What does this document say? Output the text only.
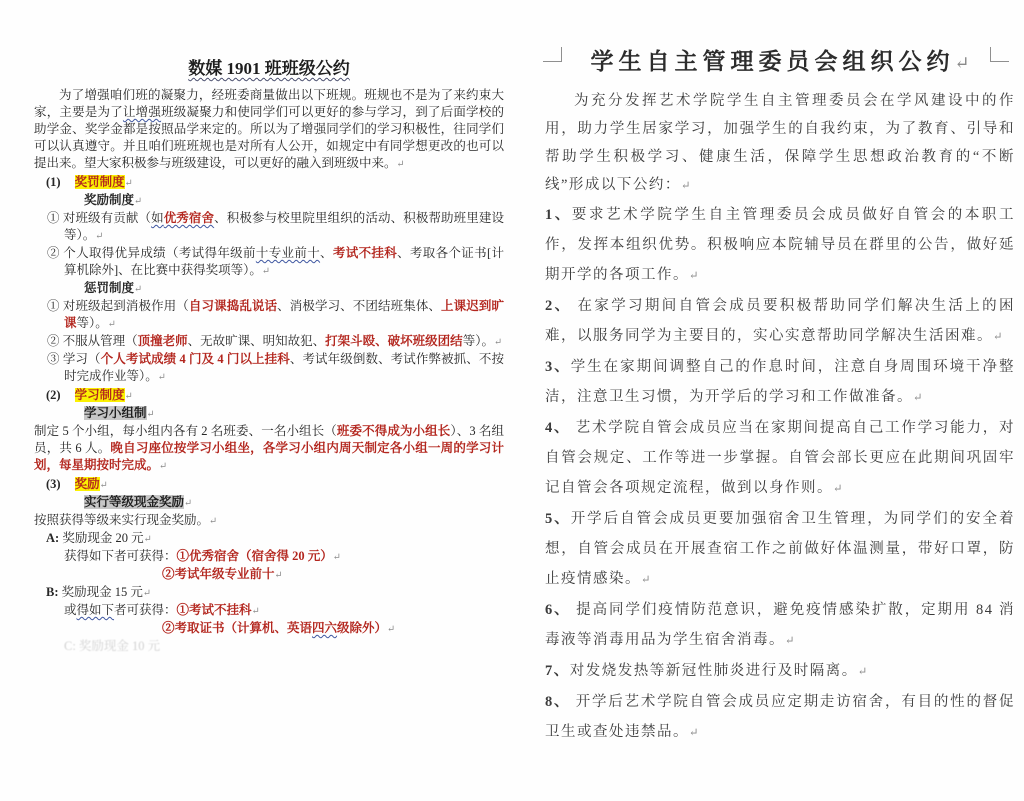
数媒 1901 班班级公约
为了增强咱们班的凝聚力，经班委商量做出以下班规。班规也不是为了来约束大家，主要是为了让增强班级凝聚力和使同学们可以更好的参与学习，到了后面学校的助学金、奖学金都是按照品学来定的。所以为了增强同学们的学习积极性，往同学们可以认真遵守。并且咱们班班规也是对所有人公开，如规定中有同学想更改的也可以提出来。望大家积极参与班级建设，可以更好的融入到班级中来。↵
(1) 奖罚制度↵
奖励制度↵
① 对班级有贡献（如优秀宿舍、积极参与校里院里组织的活动、积极帮助班里建设等）。↵
② 个人取得优异成绩（考试得年级前十专业前十、考试不挂科、考取各个证书[计算机除外]、在比赛中获得奖项等）。↵
惩罚制度↵
① 对班级起到消极作用（自习课捣乱说话、消极学习、不团结班集体、上课迟到旷课等）。↵
② 不服从管理（顶撞老师、无故旷课、明知故犯、打架斗殴、破坏班级团结等）。↵
③ 学习（个人考试成绩 4 门及 4 门以上挂科、考试年级倒数、考试作弊被抓、不按时完成作业等）。↵
(2) 学习制度↵
学习小组制↵
制定 5 个小组，每小组内各有 2 名班委、一名小组长（班委不得成为小组长）、3 名组员，共 6 人。晚自习座位按学习小组坐，各学习小组内周天制定各小组一周的学习计划，每星期按时完成。↵
(3) 奖励↵
实行等级现金奖励↵
按照获得等级来实行现金奖励。↵
A: 奖励现金 20 元↵
获得如下者可获得：①优秀宿舍（宿舍得 20 元）↵
②考试年级专业前十↵
B: 奖励现金 15 元↵
或得如下者可获得：①考试不挂科↵
②考取证书（计算机、英语四六级除外）↵
C: 奖励现金 10 元
学生自主管理委员会组织公约↵
为充分发挥艺术学院学生自主管理委员会在学风建设中的作用，助力学生居家学习，加强学生的自我约束，为了教育、引导和帮助学生积极学习、健康生活，保障学生思想政治教育的“不断线”形成以下公约：↵
1、要求艺术学院学生自主管理委员会成员做好自管会的本职工作，发挥本组织优势。积极响应本院辅导员在群里的公告，做好延期开学的各项工作。↵
2、 在家学习期间自管会成员要积极帮助同学们解决生活上的困难，以服务同学为主要目的，实心实意帮助同学解决生活困难。↵
3、学生在家期间调整自己的作息时间，注意自身周围环境干净整洁，注意卫生习惯，为开学后的学习和工作做准备。↵
4、 艺术学院自管会成员应当在家期间提高自己工作学习能力，对自管会规定、工作等进一步掌握。自管会部长更应在此期间巩固牢记自管会各项规定流程，做到以身作则。↵
5、开学后自管会成员更要加强宿舍卫生管理，为同学们的安全着想，自管会成员在开展查宿工作之前做好体温测量，带好口罩，防止疫情感染。↵
6、 提高同学们疫情防范意识，避免疫情感染扩散，定期用 84 消毒液等消毒用品为学生宿舍消毒。↵
7、对发烧发热等新冠性肺炎进行及时隔离。↵
8、 开学后艺术学院自管会成员应定期走访宿舍，有目的性的督促卫生或查处违禁品。↵
